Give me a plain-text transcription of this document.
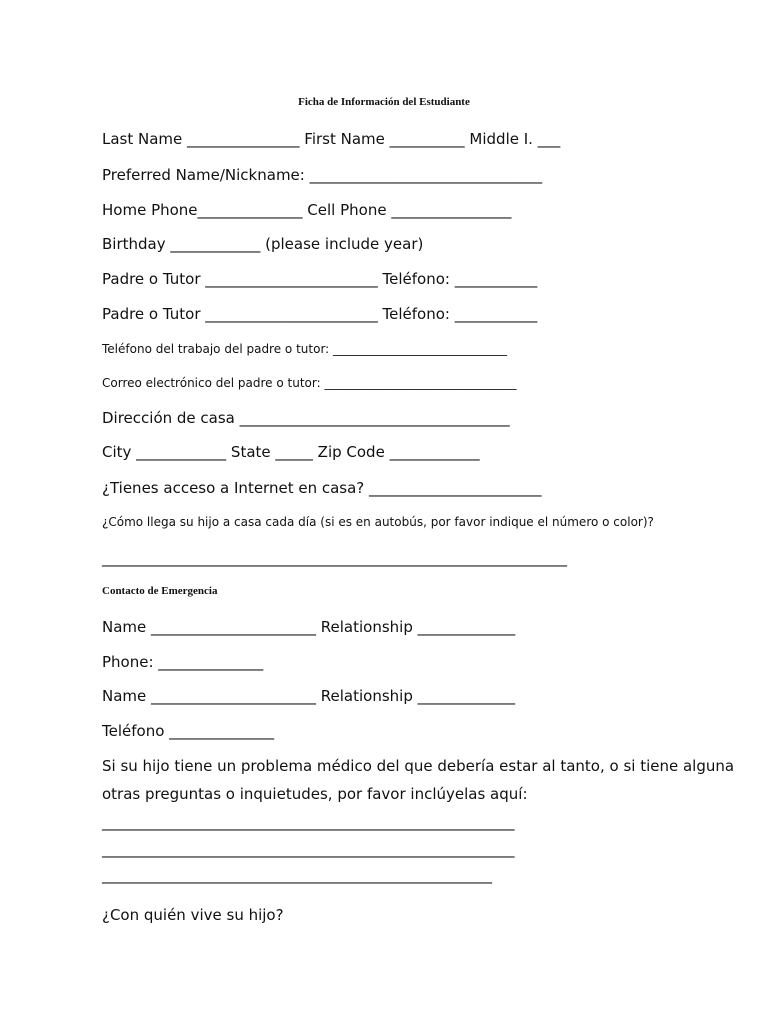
Ficha de Información del Estudiante
Last Name _______________ First Name __________ Middle I. ___
Preferred Name/Nickname: _______________________________
Home Phone______________ Cell Phone ________________
Birthday ____________ (please include year)
Padre o Tutor _______________________ Teléfono: ___________
Padre o Tutor _______________________ Teléfono: ___________
Teléfono del trabajo del padre o tutor: _____________________________
Correo electrónico del padre o tutor: ________________________________
Dirección de casa ____________________________________
City ____________ State _____ Zip Code ____________
¿Tienes acceso a Internet en casa? _______________________
¿Cómo llega su hijo a casa cada día (si es en autobús, por favor indique el número o color)?
______________________________________________________________
Contacto de Emergencia
Name ______________________ Relationship _____________
Phone: ______________
Name ______________________ Relationship _____________
Teléfono ______________
Si su hijo tiene un problema médico del que debería estar al tanto, o si tiene alguna
otras preguntas o inquietudes, por favor inclúyelas aquí:
_______________________________________________________
_______________________________________________________
____________________________________________________
¿Con quién vive su hijo?
